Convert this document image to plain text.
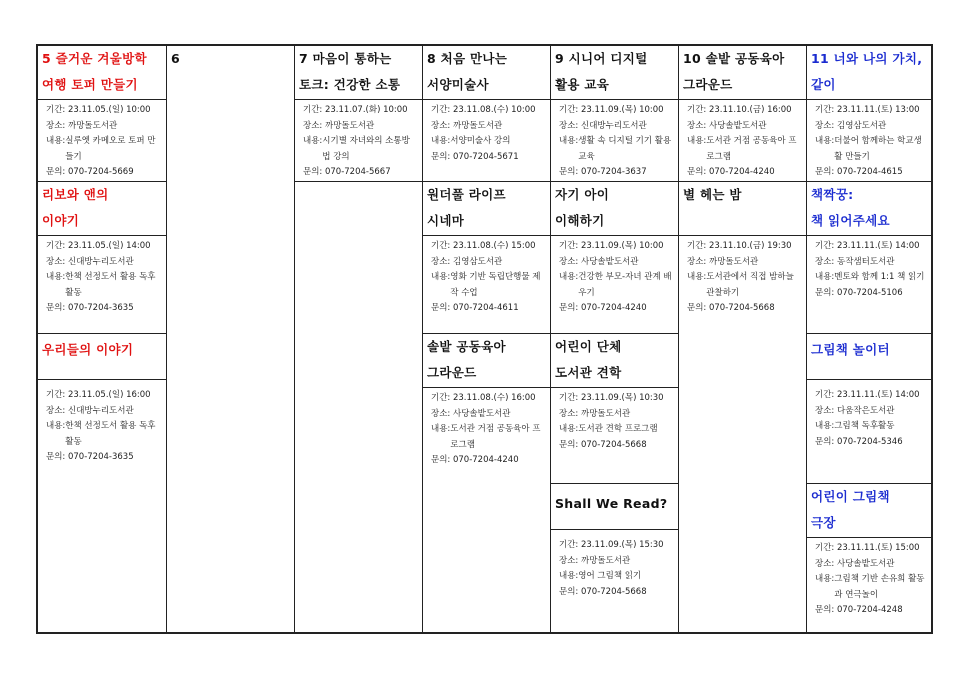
5 즐거운 겨울방학
여행 토퍼 만들기
기간: 23.11.05.(일) 10:00
장소: 까망돌도서관
내용: 실루엣 카메오로 토퍼 만들기
문의: 070-7204-5669
리보와 앤의
이야기
기간: 23.11.05.(일) 14:00
장소: 신대방누리도서관
내용: 한책 선정도서 활용 독후활동
문의: 070-7204-3635
우리들의 이야기
기간: 23.11.05.(일) 16:00
장소: 신대방누리도서관
내용: 한책 선정도서 활용 독후활동
문의: 070-7204-3635
6	7 마음이 통하는
토크: 건강한 소통
기간: 23.11.07.(화) 10:00
장소: 까망돌도서관
내용: 시기별 자녀와의 소통방법 강의
문의: 070-7204-5667
8 처음 만나는
서양미술사
기간: 23.11.08.(수) 10:00
장소: 까망돌도서관
내용: 서양미술사 강의
문의: 070-7204-5671
원더풀 라이프
시네마
기간: 23.11.08.(수) 15:00
장소: 김영삼도서관
내용: 영화 기반 독립단행물 제작 수업
문의: 070-7204-4611
솔밭 공동육아
그라운드
기간: 23.11.08.(수) 16:00
장소: 사당솔밭도서관
내용: 도서관 거점 공동육아 프로그램
문의: 070-7204-4240
9 시니어 디지털
활용 교육
기간: 23.11.09.(목) 10:00
장소: 신대방누리도서관
내용: 생활 속 디지털 기기 활용 교육
문의: 070-7204-3637
자기 아이
이해하기
기간: 23.11.09.(목) 10:00
장소: 사당솔밭도서관
내용: 건강한 부모-자녀 관계 배우기
문의: 070-7204-4240
어린이 단체
도서관 견학
기간: 23.11.09.(목) 10:30
장소: 까망돌도서관
내용: 도서관 견학 프로그램
문의: 070-7204-5668
Shall We Read?
기간: 23.11.09.(목) 15:30
장소: 까망돌도서관
내용: 영어 그림책 읽기
문의: 070-7204-5668
10 솔밭 공동육아
그라운드
기간: 23.11.10.(금) 16:00
장소: 사당솔밭도서관
내용: 도서관 거점 공동육아 프로그램
문의: 070-7204-4240
별 헤는 밤
기간: 23.11.10.(금) 19:30
장소: 까망돌도서관
내용: 도서관에서 직접 밤하늘 관찰하기
문의: 070-7204-5668
11 너와 나의 가치,
같이
기간: 23.11.11.(토) 13:00
장소: 김영삼도서관
내용: 더불어 함께하는 학교생활 만들기
문의: 070-7204-4615
책짝꿍:
책 읽어주세요
기간: 23.11.11.(토) 14:00
장소: 동작샘터도서관
내용: 멘토와 함께 1:1 책 읽기
문의: 070-7204-5106
그림책 놀이터
기간: 23.11.11.(토) 14:00
장소: 다움작은도서관
내용: 그림책 독후활동
문의: 070-7204-5346
어린이 그림책
극장
기간: 23.11.11.(토) 15:00
장소: 사당솔밭도서관
내용: 그림책 기반 손유희 활동과 연극놀이
문의: 070-7204-4248
